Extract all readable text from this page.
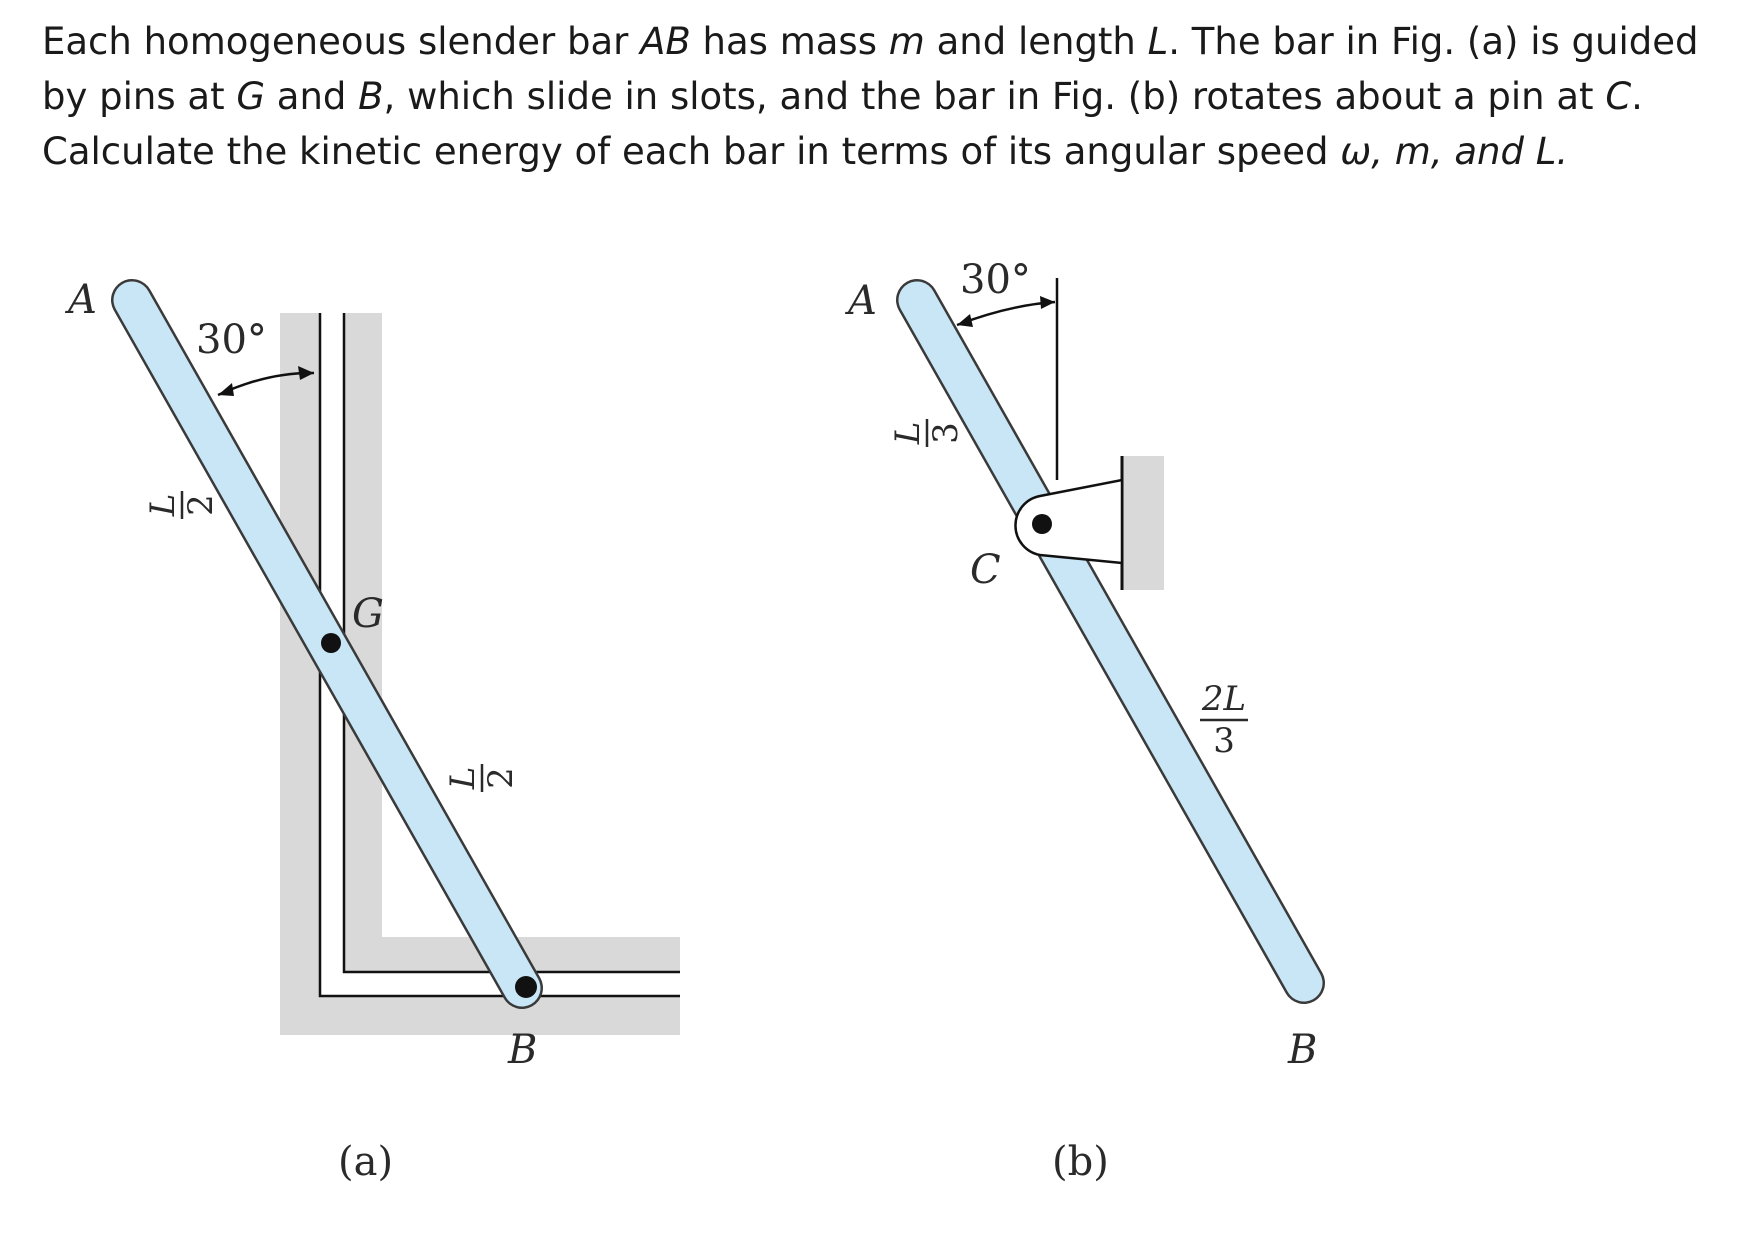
Each homogeneous slender bar AB has mass m and length L. The bar in Fig. (a) is guided by pins at G and B, which slide in slots, and the bar in Fig. (b) rotates about a pin at C. Calculate the kinetic energy of each bar in terms of its angular speed ω, m, and L.
A
30°
G
B
(a)
L
2
L
2
A 30°
C
B
(b)
L
3
2L
3
